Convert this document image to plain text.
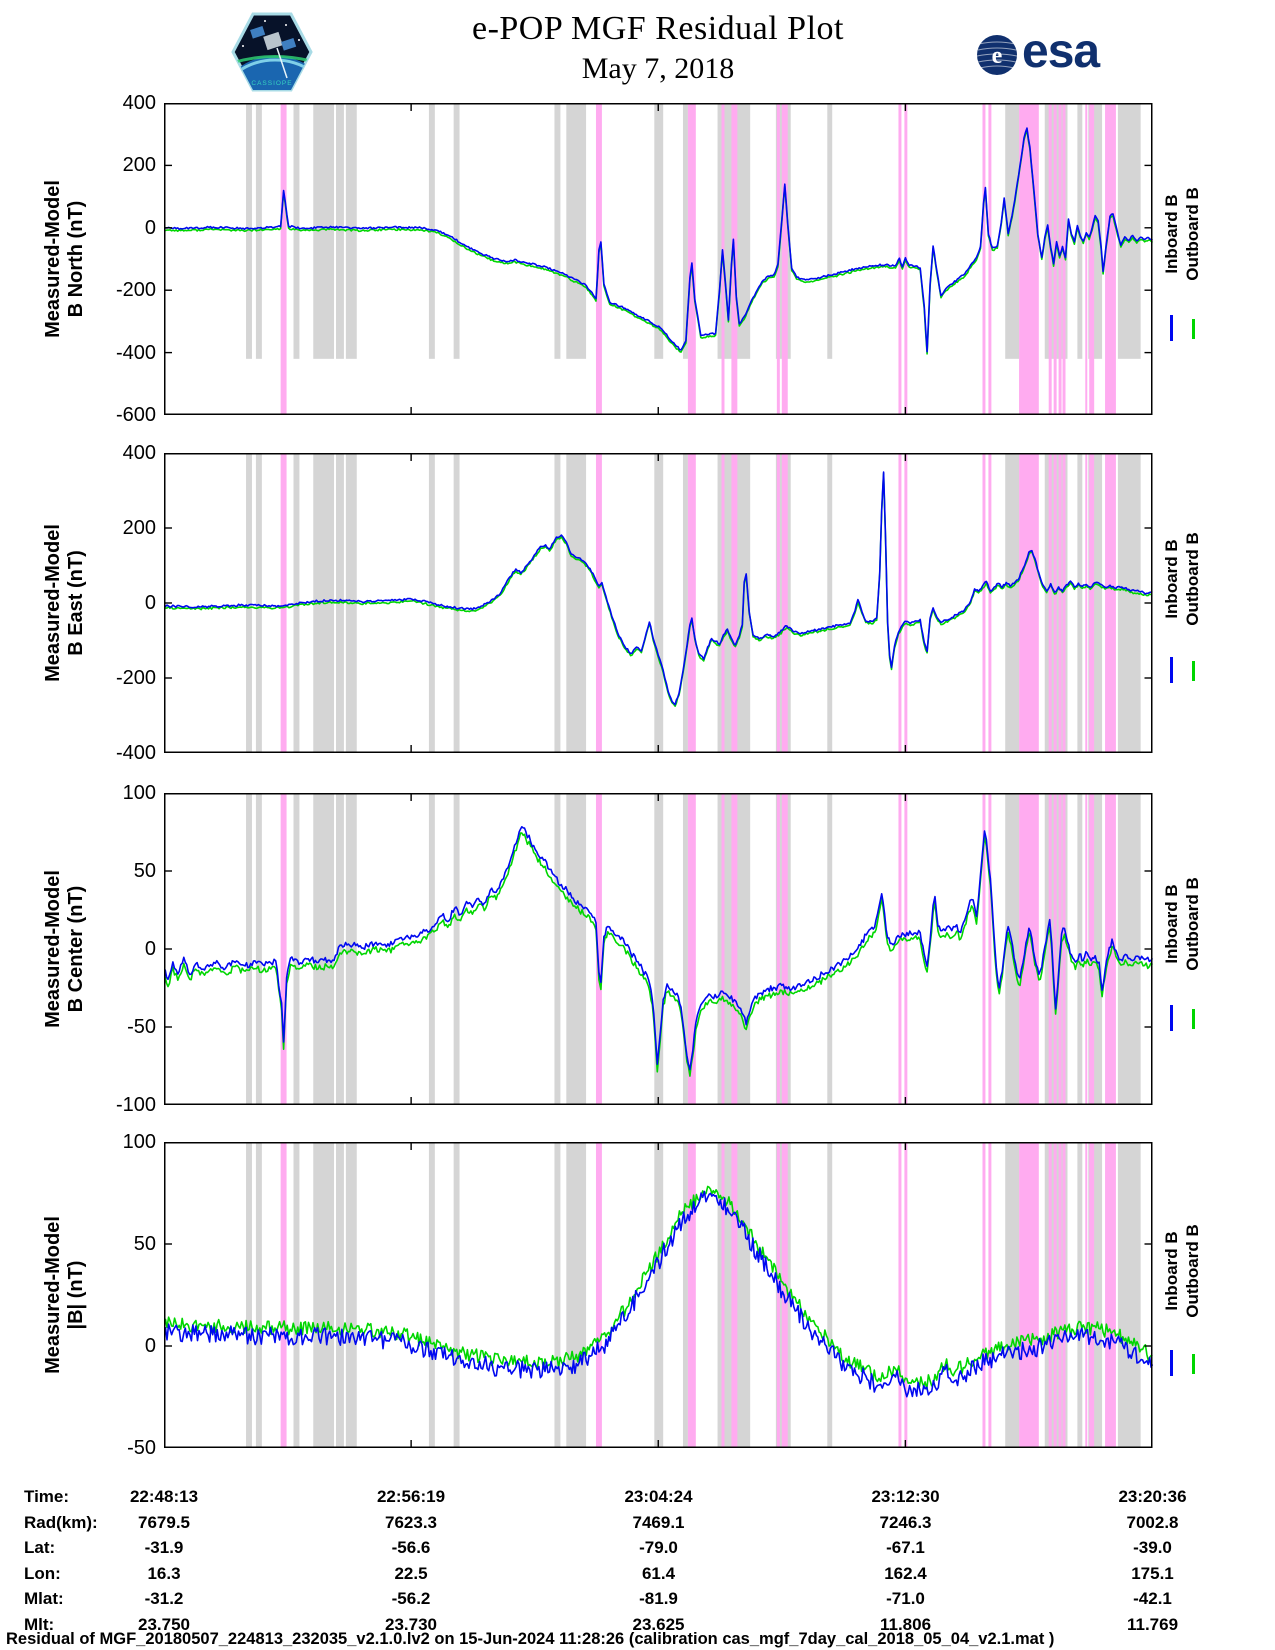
e-POP MGF Residual Plot
May 7, 2018
CASSIOPE
e esa
400
200
0
-200
-400
-600
Measured-Model B North (nT)	Inboard B Outboard B
400
200
0
-200
-400
Measured-Model B East (nT)	Inboard B Outboard B
100
50
0
-50
-100
Measured-Model B Center (nT)	Inboard B Outboard B
100
50
0
-50
Measured-Model |B| (nT)	Inboard B Outboard B
Time:	22:48:13	22:56:19	23:04:24	23:12:30	23:20:36
Rad(km):	7679.5	7623.3	7469.1	7246.3	7002.8
Lat:	-31.9	-56.6	-79.0	-67.1	-39.0
Lon:	16.3	22.5	61.4	162.4	175.1
Mlat:	-31.2	-56.2	-81.9	-71.0	-42.1
Mlt:	23.750	23.730	23.625	11.806	11.769
Residual of MGF_20180507_224813_232035_v2.1.0.lv2 on 15-Jun-2024 11:28:26 (calibration cas_mgf_7day_cal_2018_05_04_v2.1.mat )
